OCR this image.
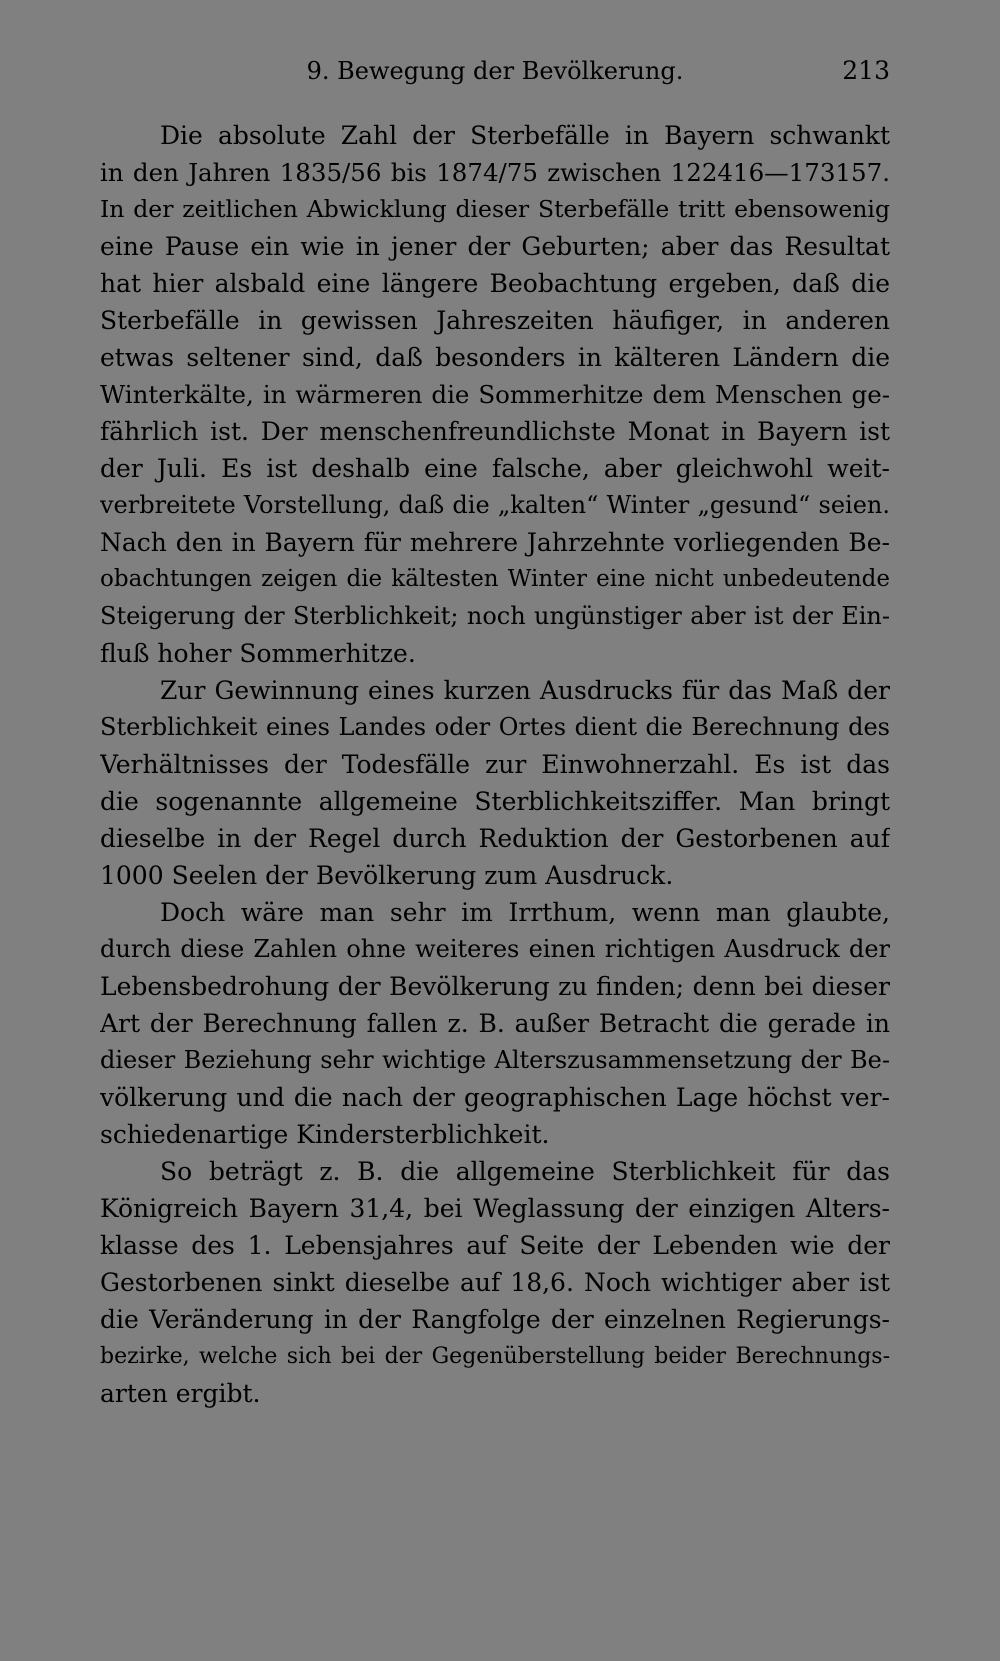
9. Bewegung der Bevölkerung.	213
Die absolute Zahl der Sterbefälle in Bayern schwankt
in den Jahren 1835/56 bis 1874/75 zwischen 122416—173157.
In der zeitlichen Abwicklung dieser Sterbefälle tritt ebensowenig
eine Pause ein wie in jener der Geburten; aber das Resultat
hat hier alsbald eine längere Beobachtung ergeben, daß die
Sterbefälle in gewissen Jahreszeiten häufiger, in anderen
etwas seltener sind, daß besonders in kälteren Ländern die
Winterkälte, in wärmeren die Sommerhitze dem Menschen ge-
fährlich ist. Der menschenfreundlichste Monat in Bayern ist
der Juli. Es ist deshalb eine falsche, aber gleichwohl weit-
verbreitete Vorstellung, daß die „kalten“ Winter „gesund“ seien.
Nach den in Bayern für mehrere Jahrzehnte vorliegenden Be-
obachtungen zeigen die kältesten Winter eine nicht unbedeutende
Steigerung der Sterblichkeit; noch ungünstiger aber ist der Ein-
fluß hoher Sommerhitze.
Zur Gewinnung eines kurzen Ausdrucks für das Maß der
Sterblichkeit eines Landes oder Ortes dient die Berechnung des
Verhältnisses der Todesfälle zur Einwohnerzahl. Es ist das
die sogenannte allgemeine Sterblichkeitsziffer. Man bringt
dieselbe in der Regel durch Reduktion der Gestorbenen auf
1000 Seelen der Bevölkerung zum Ausdruck.
Doch wäre man sehr im Irrthum, wenn man glaubte,
durch diese Zahlen ohne weiteres einen richtigen Ausdruck der
Lebensbedrohung der Bevölkerung zu finden; denn bei dieser
Art der Berechnung fallen z. B. außer Betracht die gerade in
dieser Beziehung sehr wichtige Alterszusammensetzung der Be-
völkerung und die nach der geographischen Lage höchst ver-
schiedenartige Kindersterblichkeit.
So beträgt z. B. die allgemeine Sterblichkeit für das
Königreich Bayern 31,4, bei Weglassung der einzigen Alters-
klasse des 1. Lebensjahres auf Seite der Lebenden wie der
Gestorbenen sinkt dieselbe auf 18,6. Noch wichtiger aber ist
die Veränderung in der Rangfolge der einzelnen Regierungs-
bezirke, welche sich bei der Gegenüberstellung beider Berechnungs-
arten ergibt.
